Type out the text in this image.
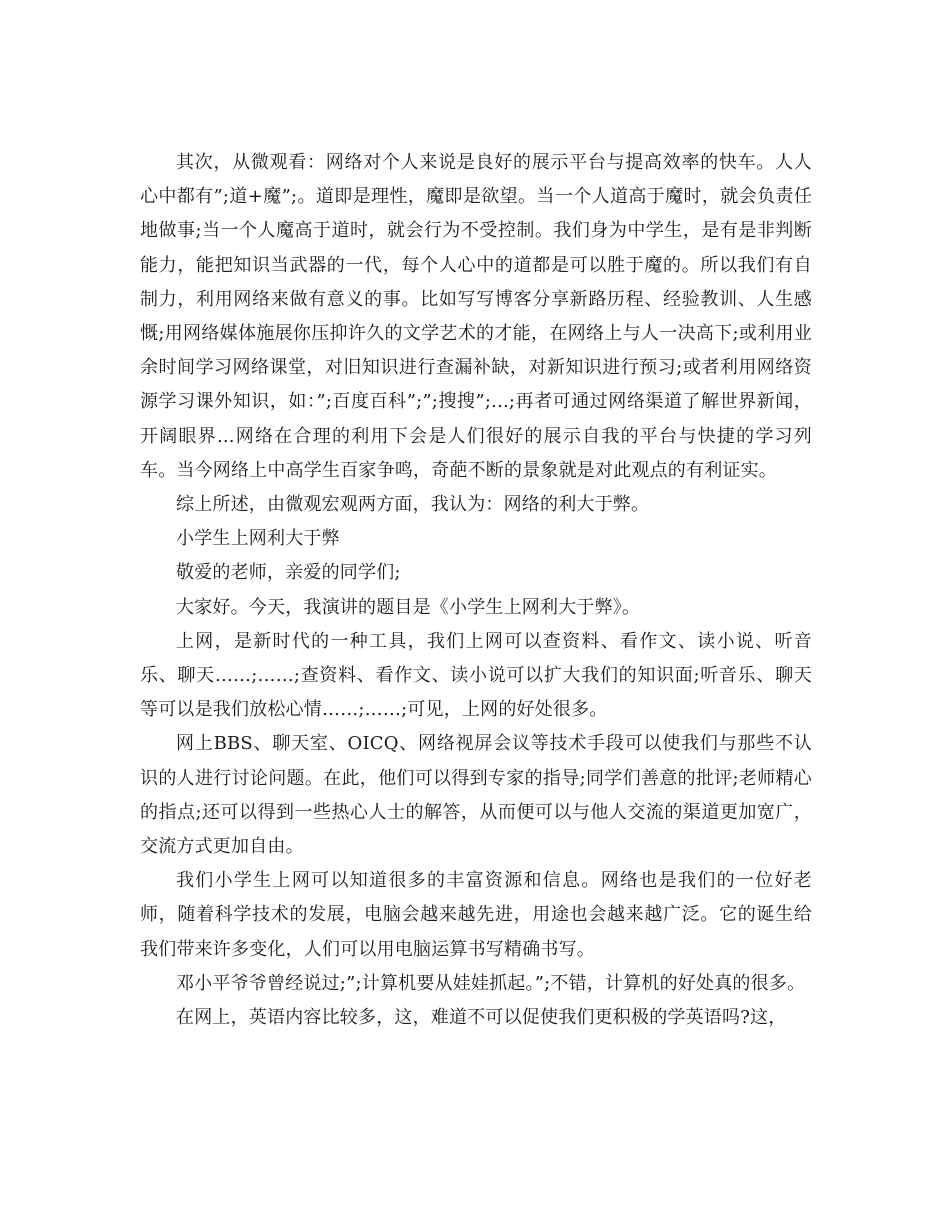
其次，从微观看：网络对个人来说是良好的展示平台与提高效率的快车。人人心中都有”;道+魔”;。道即是理性，魔即是欲望。当一个人道高于魔时，就会负责任地做事;当一个人魔高于道时，就会行为不受控制。我们身为中学生，是有是非判断能力，能把知识当武器的一代，每个人心中的道都是可以胜于魔的。所以我们有自制力，利用网络来做有意义的事。比如写写博客分享新路历程、经验教训、人生感慨;用网络媒体施展你压抑许久的文学艺术的才能，在网络上与人一决高下;或利用业余时间学习网络课堂，对旧知识进行查漏补缺，对新知识进行预习;或者利用网络资源学习课外知识，如：”;百度百科”;”;搜搜”;...;再者可通过网络渠道了解世界新闻，开阔眼界...网络在合理的利用下会是人们很好的展示自我的平台与快捷的学习列车。当今网络上中高学生百家争鸣，奇葩不断的景象就是对此观点的有利证实。

综上所述，由微观宏观两方面，我认为：网络的利大于弊。

小学生上网利大于弊

敬爱的老师，亲爱的同学们;

大家好。今天，我演讲的题目是《小学生上网利大于弊》。

上网，是新时代的一种工具，我们上网可以查资料、看作文、读小说、听音乐、聊天……;……;查资料、看作文、读小说可以扩大我们的知识面;听音乐、聊天等可以是我们放松心情……;……;可见，上网的好处很多。

网上BBS、聊天室、OICQ、网络视屏会议等技术手段可以使我们与那些不认识的人进行讨论问题。在此，他们可以得到专家的指导;同学们善意的批评;老师精心的指点;还可以得到一些热心人士的解答，从而便可以与他人交流的渠道更加宽广，交流方式更加自由。

我们小学生上网可以知道很多的丰富资源和信息。网络也是我们的一位好老师，随着科学技术的发展，电脑会越来越先进，用途也会越来越广泛。它的诞生给我们带来许多变化，人们可以用电脑运算书写精确书写。

邓小平爷爷曾经说过;”;计算机要从娃娃抓起。”;不错，计算机的好处真的很多。

在网上，英语内容比较多，这，难道不可以促使我们更积极的学英语吗?这，
